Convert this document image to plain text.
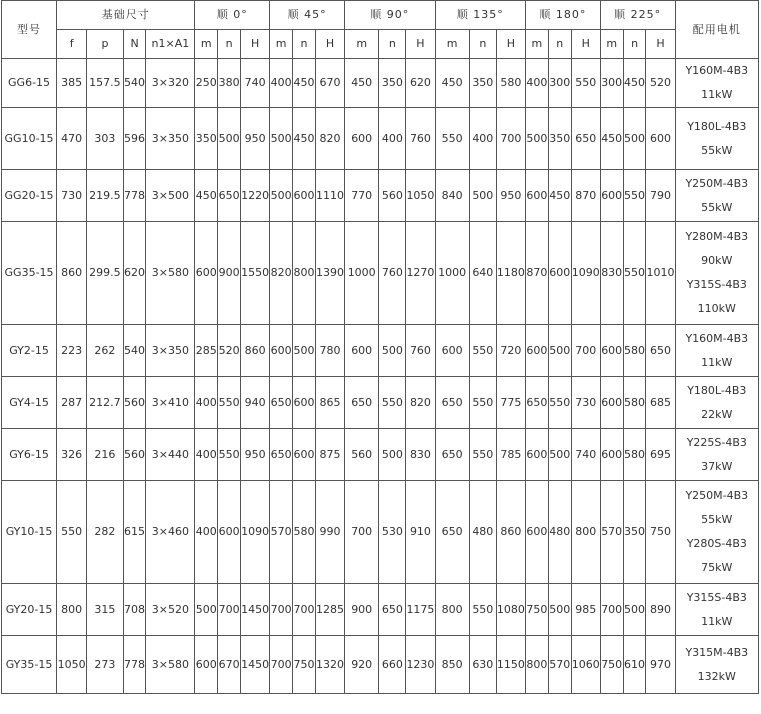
型号	基础尺寸				顺 0°			顺 45°			顺 90°			顺 135°			顺 180°			顺 225°			配用电机
	f	p	N	n1×A1	m	n	H	m	n	H	m	n	H	m	n	H	m	n	H	m	n	H	
GG6-15	385	157.5	540	3×320	250	380	740	400	450	670	450	350	620	450	350	580	400	300	550	300	450	520	Y160M-4B3
11kW

GG10-15	470	303	596	3×350	350	500	950	500	450	820	600	400	760	550	400	700	500	350	650	450	500	600	Y180L-4B3
55kW

GG20-15	730	219.5	778	3×500	450	650	1220	500	600	1110	770	560	1050	840	500	950	600	450	870	600	550	790	Y250M-4B3
55kW

GG35-15	860	299.5	620	3×580	600	900	1550	820	800	1390	1000	760	1270	1000	640	1180	870	600	1090	830	550	1010	Y280M-4B3
90kW
Y315S-4B3
110kW

GY2-15	223	262	540	3×350	285	520	860	600	500	780	600	500	760	600	550	720	600	500	700	600	580	650	Y160M-4B3
11kW

GY4-15	287	212.7	560	3×410	400	550	940	650	600	865	650	550	820	650	550	775	650	550	730	600	580	685	Y180L-4B3
22kW

GY6-15	326	216	560	3×440	400	550	950	650	600	875	560	500	830	650	550	785	600	500	740	600	580	695	Y225S-4B3
37kW

GY10-15	550	282	615	3×460	400	600	1090	570	580	990	700	530	910	650	480	860	600	480	800	570	350	750	Y250M-4B3
55kW
Y280S-4B3
75kW

GY20-15	800	315	708	3×520	500	700	1450	700	700	1285	900	650	1175	800	550	1080	750	500	985	700	500	890	Y315S-4B3
11kW

GY35-15	1050	273	778	3×580	600	670	1450	700	750	1320	920	660	1230	850	630	1150	800	570	1060	750	610	970	Y315M-4B3
132kW
